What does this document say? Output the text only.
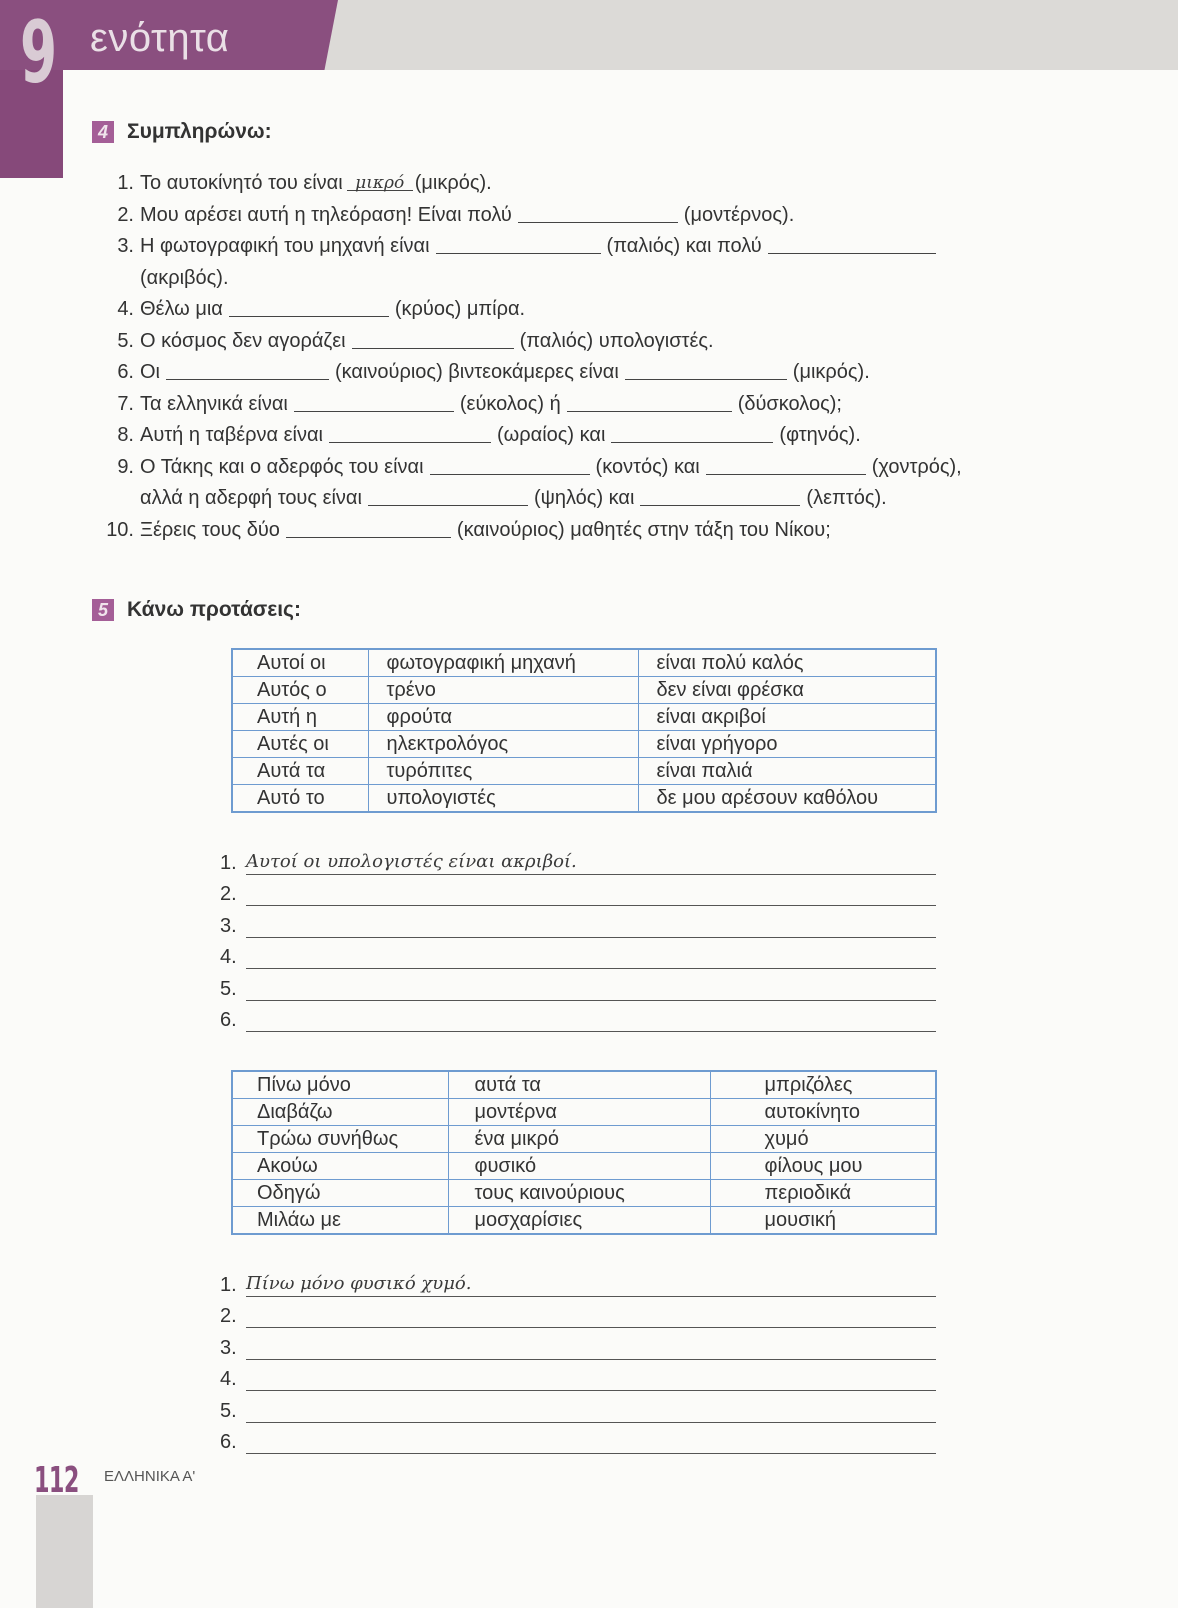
9 ενότητα
4 Συμπληρώνω:
1. Το αυτοκίνητό του είναι μικρό (μικρός).
2. Μου αρέσει αυτή η τηλεόραση! Είναι πολύ	(μοντέρνος).
3. Η φωτογραφική του μηχανή είναι	(παλιός) και πολύ
(ακριβός).
4. Θέλω μια	(κρύος) μπίρα.
5. Ο κόσμος δεν αγοράζει	(παλιός) υπολογιστές.
6. Οι	(καινούριος) βιντεοκάμερες είναι	(μικρός).
7. Τα ελληνικά είναι	(εύκολος) ή	(δύσκολος);
8. Αυτή η ταβέρνα είναι	(ωραίος) και	(φτηνός).
9. Ο Τάκης και ο αδερφός του είναι	(κοντός) και	(χοντρός),
αλλά η αδερφή τους είναι	(ψηλός) και	(λεπτός).
10. Ξέρεις τους δύο	(καινούριος) μαθητές στην τάξη του Νίκου;
5 Κάνω προτάσεις:
Αυτοί οι	φωτογραφική μηχανή	είναι πολύ καλός
Αυτός ο	τρένο	δεν είναι φρέσκα
Αυτή η	φρούτα	είναι ακριβοί
Αυτές οι	ηλεκτρολόγος	είναι γρήγορο
Αυτά τα	τυρόπιτες	είναι παλιά
Αυτό το	υπολογιστές	δε μου αρέσουν καθόλου
1. Αυτοί οι υπολογιστές είναι ακριβοί.
2.
3.
4.
5.
6.
Πίνω μόνο	αυτά τα	μπριζόλες
Διαβάζω	μοντέρνα	αυτοκίνητο
Τρώω συνήθως	ένα μικρό	χυμό
Ακούω	φυσικό	φίλους μου
Οδηγώ	τους καινούριους	περιοδικά
Μιλάω με	μοσχαρίσιες	μουσική
1. Πίνω μόνο φυσικό χυμό.
2.
3.
4.
5.
6.
112 ΕΛΛΗΝΙΚΑ Α'
